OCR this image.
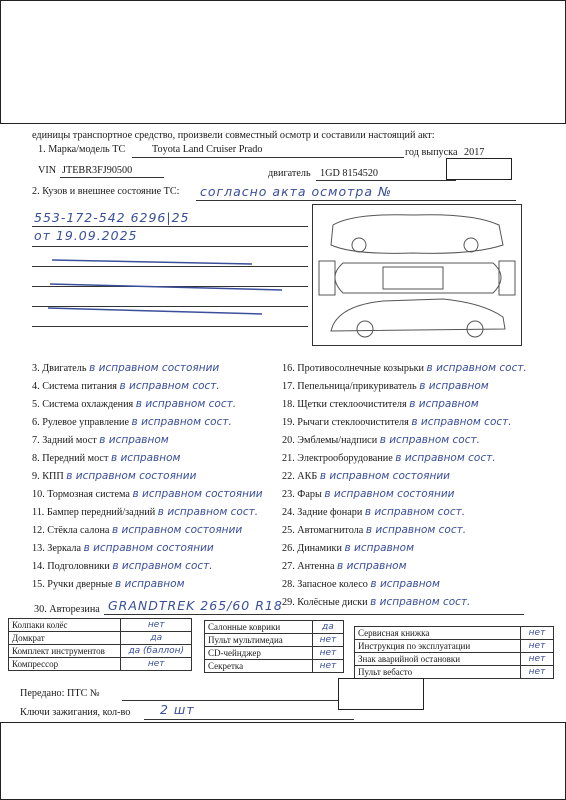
единицы транспортное средство, произвели совместный осмотр и составили настоящий акт:
1. Марка/модель ТС	Toyota Land Cruiser Prado	год выпуска 2017
VIN JTEBR3FJ90500	двигатель 1GD 8154520
2. Кузов и внешнее состояние ТС: согласно акта осмотра №
553-172-542 6296|25
от 19.09.2025
3. Двигатель в исправном состоянии
4. Система питания в исправном сост.
5. Система охлаждения в исправном сост.
6. Рулевое управление в исправном сост.
7. Задний мост в исправном
8. Передний мост в исправном
9. КПП в исправном состоянии
10. Тормозная система в исправном состоянии
11. Бампер передний/задний в исправном сост.
12. Стёкла салона в исправном состоянии
13. Зеркала в исправном состоянии
14. Подголовники в исправном сост.
15. Ручки дверные в исправном
16. Противосолнечные козырьки в исправном сост.
17. Пепельница/прикуриватель в исправном
18. Щетки стеклоочистителя в исправном
19. Рычаги стеклоочистителя в исправном сост.
20. Эмблемы/надписи в исправном сост.
21. Электрооборудование в исправном сост.
22. АКБ в исправном состоянии
23. Фары в исправном состоянии
24. Задние фонари в исправном сост.
25. Автомагнитола в исправном сост.
26. Динамики в исправном
27. Антенна в исправном
28. Запасное колесо в исправном
29. Колёсные диски в исправном сост.
30. Авторезина GRANDTREK 265/60 R18
Колпаки колёс	нет
Домкрат	да
Комплект инструментов	да (баллон)
Компрессор	нет
Салонные коврики	да
Пульт мультимедиа	нет
CD-чейнджер	нет
Секретка	нет
Сервисная книжка	нет
Инструкция по эксплуатации	нет
Знак аварийной остановки	нет
Пульт вебасто	нет
Передано: ПТС №
Ключи зажигания, кол-во 2 шт
